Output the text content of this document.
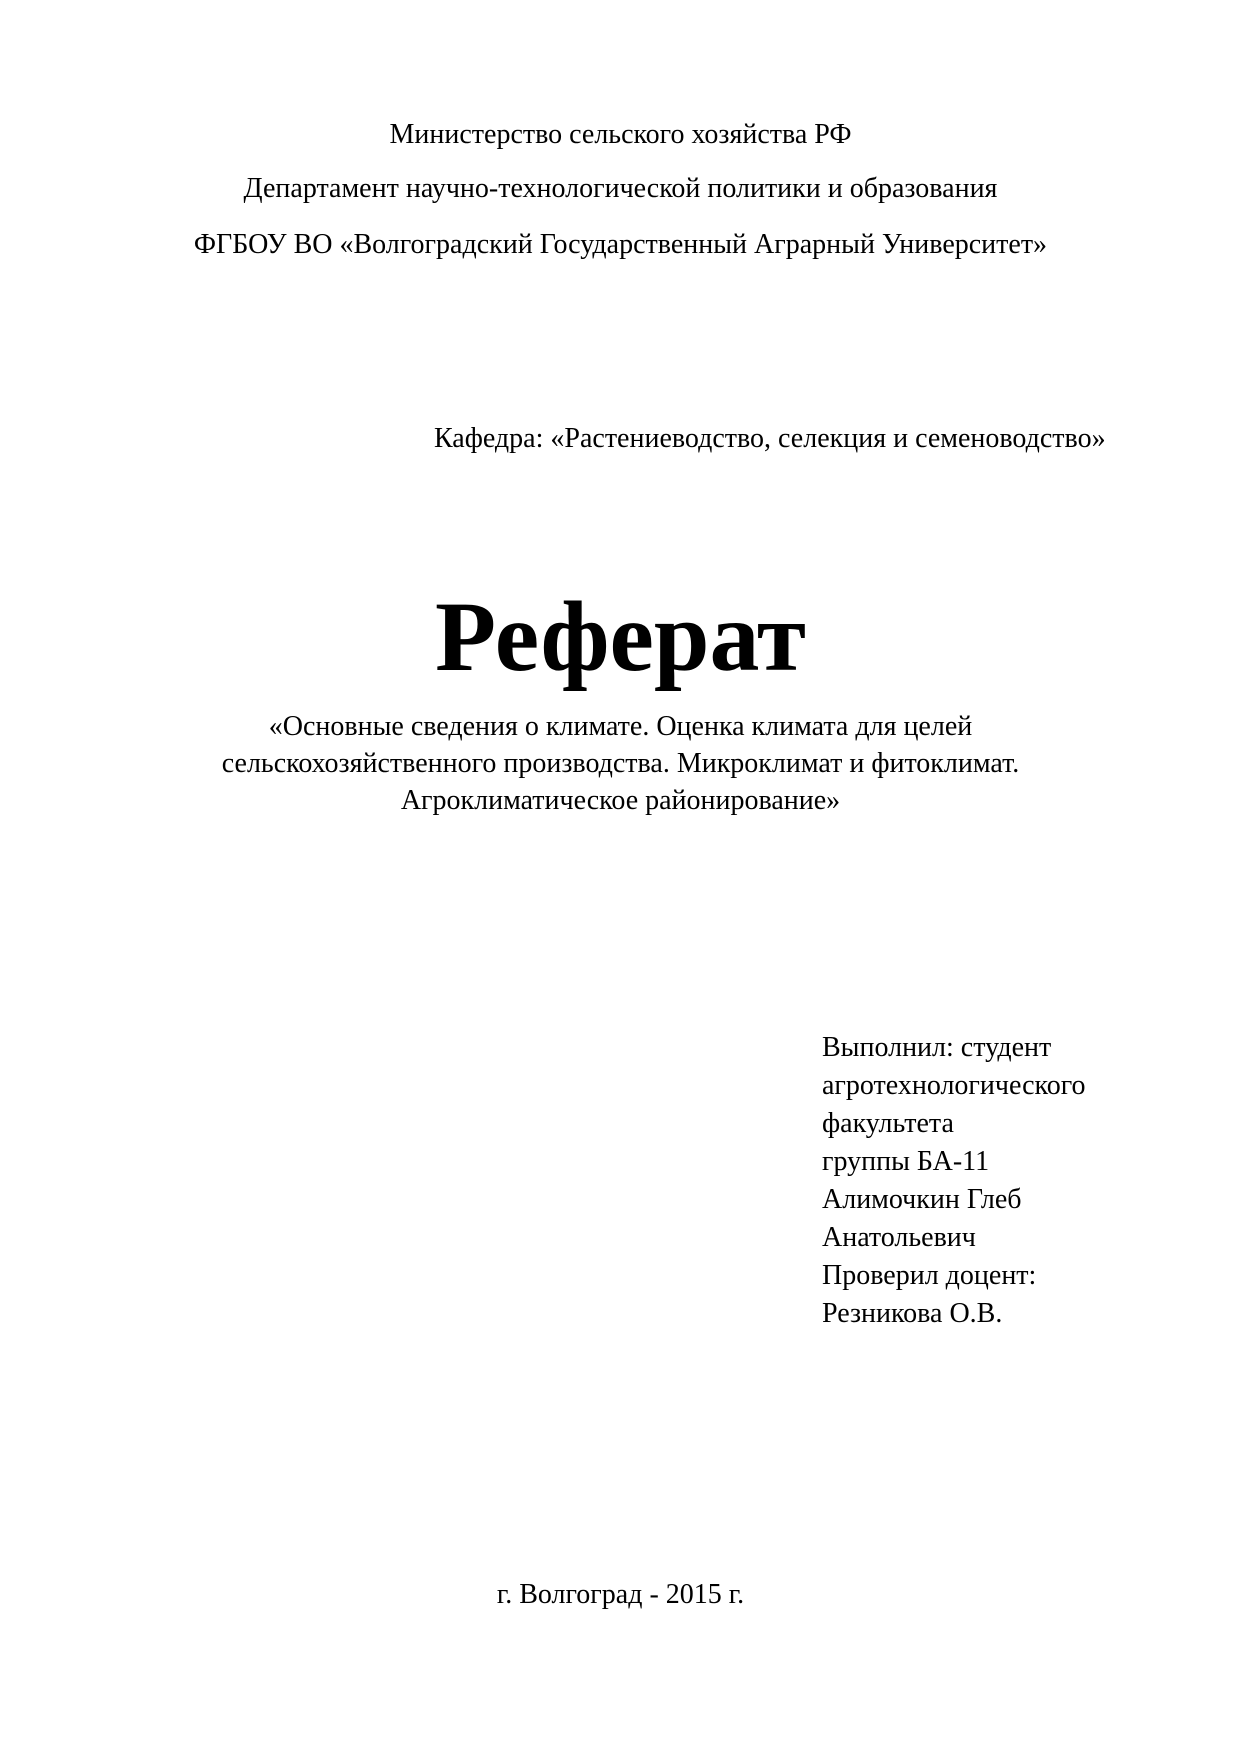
Министерство сельского хозяйства РФ
Департамент научно-технологической политики и образования
ФГБОУ ВО «Волгоградский Государственный Аграрный Университет»
Кафедра: «Растениеводство, селекция и семеноводство»
Реферат
«Основные сведения о климате. Оценка климата для целей
сельскохозяйственного производства. Микроклимат и фитоклимат.
Агроклиматическое районирование»
Выполнил: студент
агротехнологического
факультета
группы БА-11
Алимочкин Глеб
Анатольевич
Проверил доцент:
Резникова О.В.
г. Волгоград - 2015 г.
